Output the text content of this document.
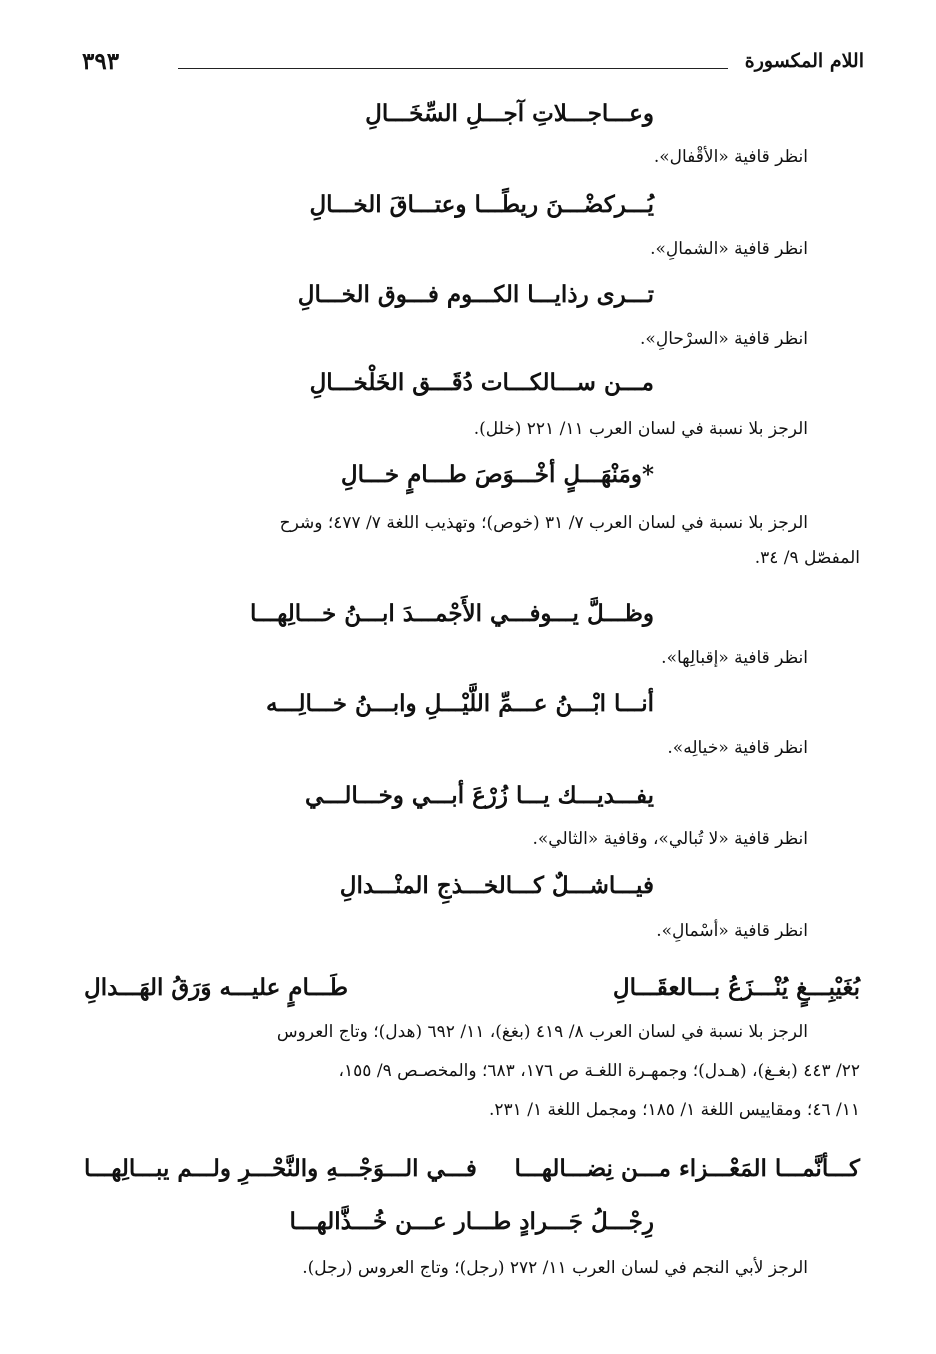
اللام المكسورة
٣٩٣
وعـــاجـــلاتِ آجـــلِ السِّخَـــالِ
انظر قافية «الأقْفال».
يُـــركضْـــنَ ريطًـــا وعتـــاقَ الخـــالِ
انظر قافية «الشمالِ».
تـــرى رذايـــا الكـــوم فـــوق الخـــالِ
انظر قافية «السرْحالِ».
مـــن ســـالكـــات دُقَـــق الخَلْخـــالِ
الرجز بلا نسبة في لسان العرب ١١/ ٢٢١ (خلل).
*ومَنْهَـــلٍ أخْـــوَصَ طـــامٍ خـــالِ
الرجز بلا نسبة في لسان العرب ٧/ ٣١ (خوص)؛ وتهذيب اللغة ٧/ ٤٧٧؛ وشرح
المفصّل ٩/ ٣٤.
وظـــلَّ يـــوفـــي الأَجْمـــدَ ابـــنُ خـــالِهـــا
انظر قافية «إقبالِها».
أنـــا ابْـــنُ عـــمِّ اللَّيْـــلِ وابـــنُ خـــالِـــه
انظر قافية «خيالِه».
يفـــديـــك يـــا زُرْعَ أبـــي وخـــالـــي
انظر قافية «لا تُبالي»، وقافية «الثالي».
فيـــاشـــلٌ كـــالخـــذجِ المنْـــدالِ
انظر قافية «أسْمالِ».
بُغَيْبِـــغٍ يُنْـــزَعُ بـــالعقَـــالِ
طَـــامٍ عليـــه وَرَقُ الهَـــدالِ
الرجز بلا نسبة في لسان العرب ٨/ ٤١٩ (بغغ)، ١١/ ٦٩٢ (هدل)؛ وتاج العروس
٢٢/ ٤٤٣ (بغـغ)، (هـدل)؛ وجمهـرة اللغـة ص ١٧٦، ٦٨٣؛ والمخصـص ٩/ ١٥٥،
١١/ ٤٦؛ ومقاييس اللغة ١/ ١٨٥؛ ومجمل اللغة ١/ ٢٣١.
كـــأنَّمـــا المَعْـــزاء مـــن نِضـــالهـــا
فـــي الـــوَجْـــهِ والنَّحْـــرِ ولـــم يبـــالِهـــا
رِجْـــلُ جَـــرادٍ طـــار عـــن خُـــذَّالهـــا
الرجز لأبي النجم في لسان العرب ١١/ ٢٧٢ (رجل)؛ وتاج العروس (رجل).
